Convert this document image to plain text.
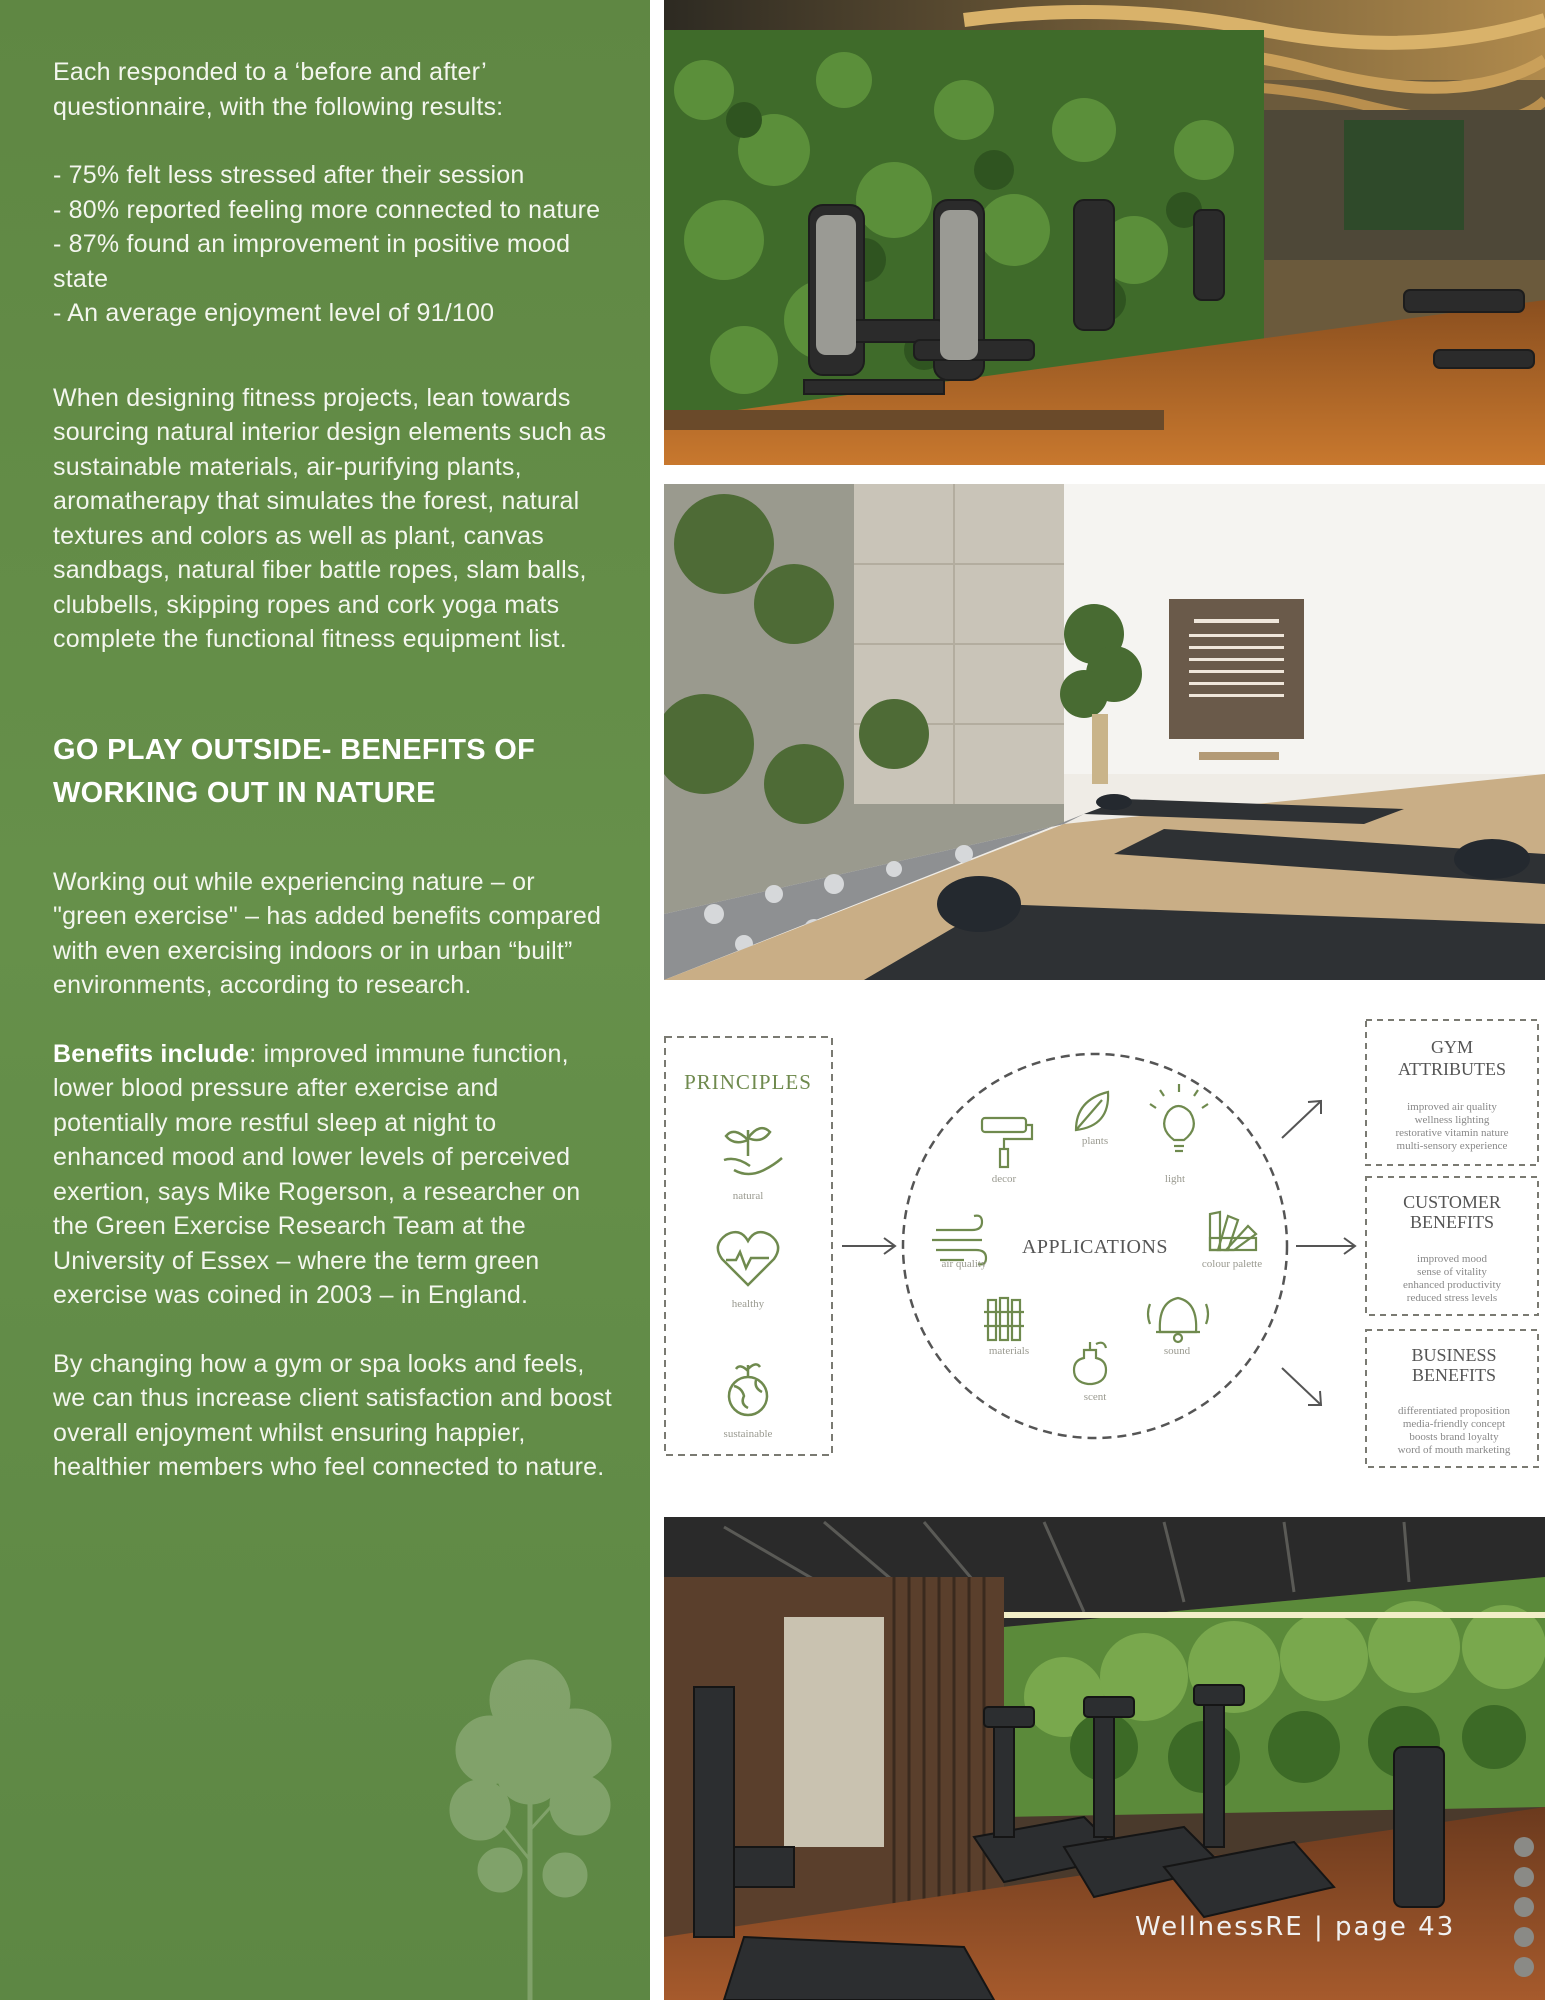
Each responded to a ‘before and after’ questionnaire, with the following results:

- 75% felt less stressed after their session
- 80% reported feeling more connected to nature
- 87% found an improvement in positive mood state
- An average enjoyment level of 91/100

When designing fitness projects, lean towards sourcing natural interior design elements such as sustainable materials, air-purifying plants, aromatherapy that simulates the forest, natural textures and colors as well as plant, canvas sandbags, natural fiber battle ropes, slam balls, clubbells, skipping ropes and cork yoga mats complete the functional fitness equipment list.

GO PLAY OUTSIDE- BENEFITS OF WORKING OUT IN NATURE

Working out while experiencing nature – or "green exercise" – has added benefits compared with even exercising indoors or in urban “built” environments, according to research.

Benefits include: improved immune function, lower blood pressure after exercise and potentially more restful sleep at night to enhanced mood and lower levels of perceived exertion, says Mike Rogerson, a researcher on the Green Exercise Research Team at the University of Essex – where the term green exercise was coined in 2003 – in England.

By changing how a gym or spa looks and feels, we can thus increase client satisfaction and boost overall enjoyment whilst ensuring happier, healthier members who feel connected to nature.

PRINCIPLES
natural
healthy
sustainable
APPLICATIONS
decor
plants
light
air quality	colour palette
materials	sound
scent
GYM
ATTRIBUTES
improved air quality
wellness lighting
restorative vitamin nature
multi-sensory experience
CUSTOMER
BENEFITS
improved mood
sense of vitality
enhanced productivity
reduced stress levels
BUSINESS
BENEFITS
differentiated proposition
media-friendly concept
boosts brand loyalty
word of mouth marketing
WellnessRE | page 43
